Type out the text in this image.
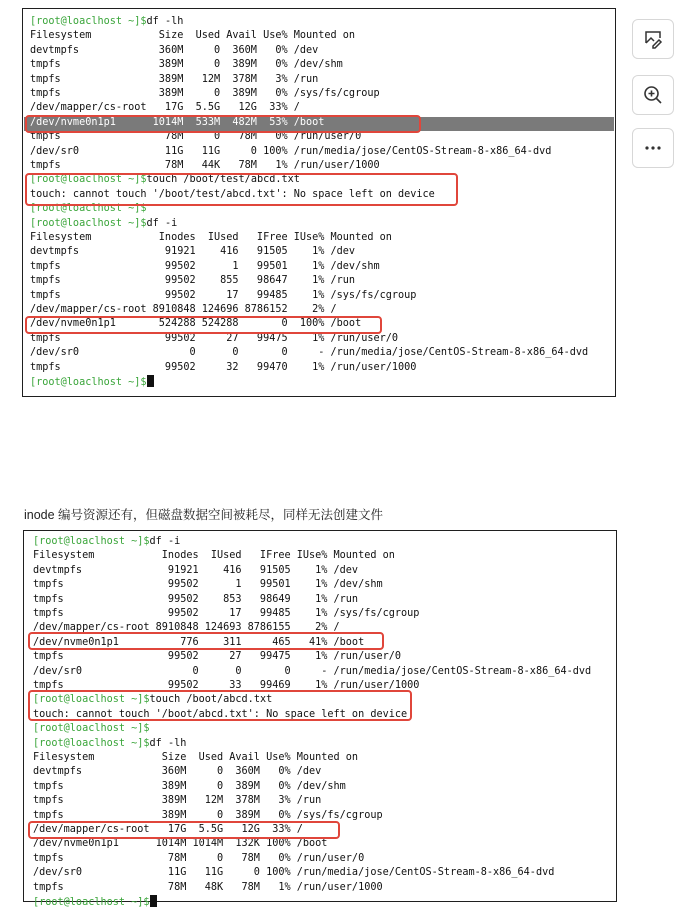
[root@loaclhost ~]$df -lh
Filesystem           Size  Used Avail Use% Mounted on
devtmpfs             360M     0  360M   0% /dev
tmpfs                389M     0  389M   0% /dev/shm
tmpfs                389M   12M  378M   3% /run
tmpfs                389M     0  389M   0% /sys/fs/cgroup
/dev/mapper/cs-root   17G  5.5G   12G  33% /
/dev/nvme0n1p1      1014M  533M  482M  53% /boot
tmpfs                 78M     0   78M   0% /run/user/0
/dev/sr0              11G   11G     0 100% /run/media/jose/CentOS-Stream-8-x86_64-dvd
tmpfs                 78M   44K   78M   1% /run/user/1000
[root@loaclhost ~]$touch /boot/test/abcd.txt
touch: cannot touch '/boot/test/abcd.txt': No space left on device
[root@loaclhost ~]$
[root@loaclhost ~]$df -i
Filesystem           Inodes  IUsed   IFree IUse% Mounted on
devtmpfs              91921    416   91505    1% /dev
tmpfs                 99502      1   99501    1% /dev/shm
tmpfs                 99502    855   98647    1% /run
tmpfs                 99502     17   99485    1% /sys/fs/cgroup
/dev/mapper/cs-root 8910848 124696 8786152    2% /
/dev/nvme0n1p1       524288 524288       0  100% /boot
tmpfs                 99502     27   99475    1% /run/user/0
/dev/sr0                  0      0       0     - /run/media/jose/CentOS-Stream-8-x86_64-dvd
tmpfs                 99502     32   99470    1% /run/user/1000
[root@loaclhost ~]$
inode 编号资源还有，但磁盘数据空间被耗尽，同样无法创建文件
[root@loaclhost ~]$df -i
Filesystem           Inodes  IUsed   IFree IUse% Mounted on
devtmpfs              91921    416   91505    1% /dev
tmpfs                 99502      1   99501    1% /dev/shm
tmpfs                 99502    853   98649    1% /run
tmpfs                 99502     17   99485    1% /sys/fs/cgroup
/dev/mapper/cs-root 8910848 124693 8786155    2% /
/dev/nvme0n1p1          776    311     465   41% /boot
tmpfs                 99502     27   99475    1% /run/user/0
/dev/sr0                  0      0       0     - /run/media/jose/CentOS-Stream-8-x86_64-dvd
tmpfs                 99502     33   99469    1% /run/user/1000
[root@loaclhost ~]$touch /boot/abcd.txt
touch: cannot touch '/boot/abcd.txt': No space left on device
[root@loaclhost ~]$
[root@loaclhost ~]$df -lh
Filesystem           Size  Used Avail Use% Mounted on
devtmpfs             360M     0  360M   0% /dev
tmpfs                389M     0  389M   0% /dev/shm
tmpfs                389M   12M  378M   3% /run
tmpfs                389M     0  389M   0% /sys/fs/cgroup
/dev/mapper/cs-root   17G  5.5G   12G  33% /
/dev/nvme0n1p1      1014M 1014M  132K 100% /boot
tmpfs                 78M     0   78M   0% /run/user/0
/dev/sr0              11G   11G     0 100% /run/media/jose/CentOS-Stream-8-x86_64-dvd
tmpfs                 78M   48K   78M   1% /run/user/1000
[root@loaclhost ~]$
